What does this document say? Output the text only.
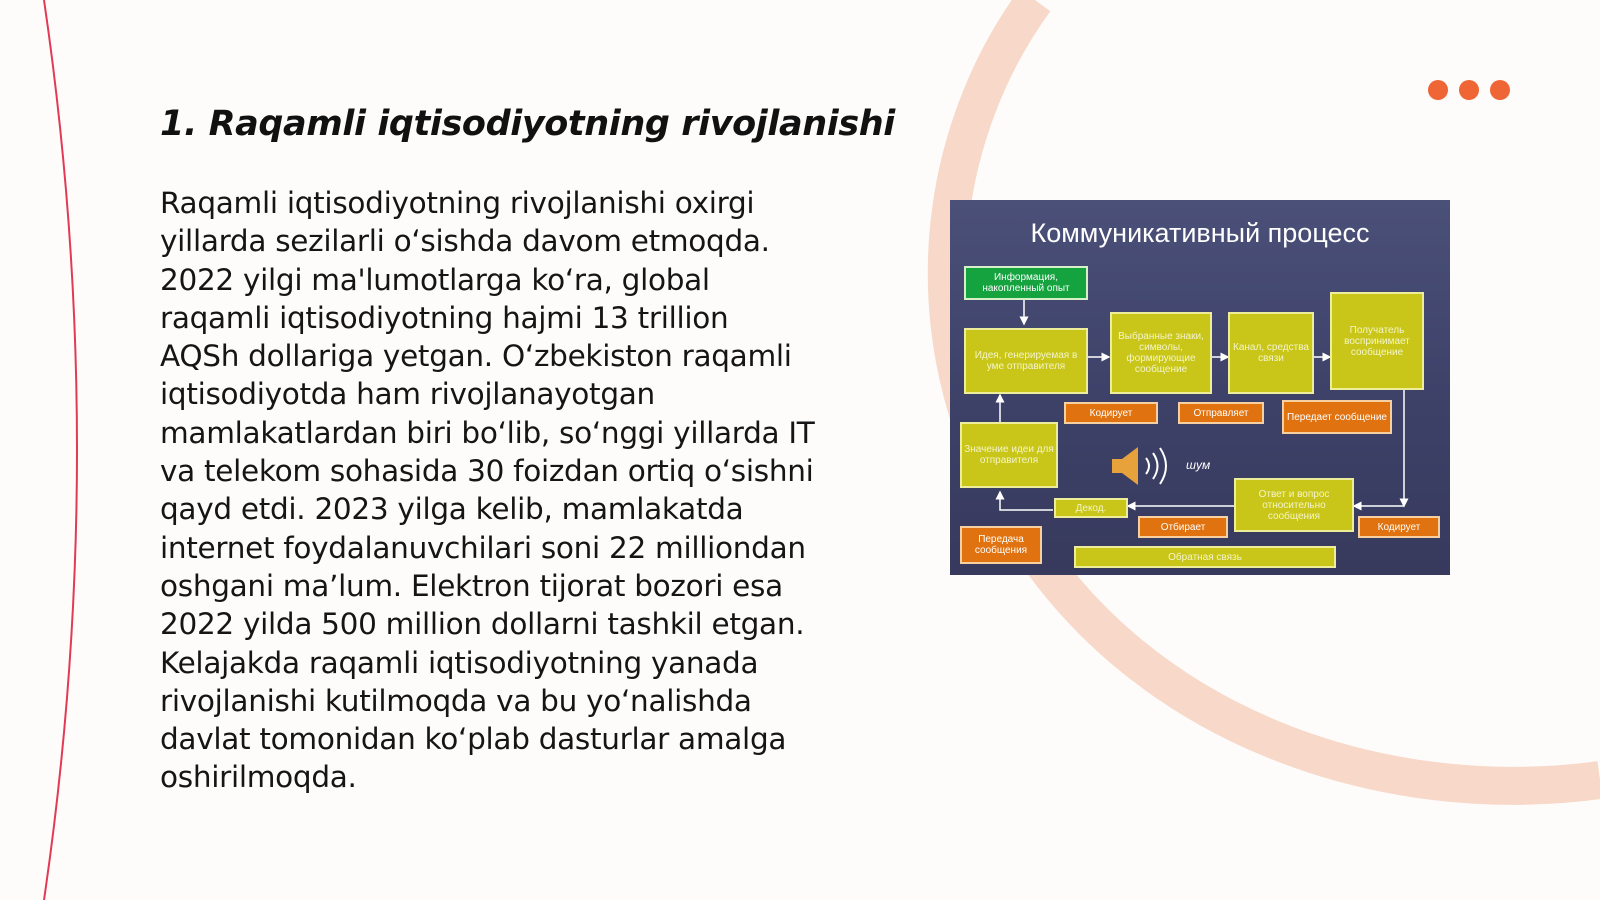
1. Raqamli iqtisodiyotning rivojlanishi

Raqamli iqtisodiyotning rivojlanishi oxirgi
yillarda sezilarli o‘sishda davom etmoqda.
2022 yilgi ma'lumotlarga ko‘ra, global
raqamli iqtisodiyotning hajmi 13 trillion
AQSh dollariga yetgan. O‘zbekiston raqamli
iqtisodiyotda ham rivojlanayotgan
mamlakatlardan biri bo‘lib, so‘nggi yillarda IT
va telekom sohasida 30 foizdan ortiq o‘sishni
qayd etdi. 2023 yilga kelib, mamlakatda
internet foydalanuvchilari soni 22 milliondan
oshgani ma’lum. Elektron tijorat bozori esa
2022 yilda 500 million dollarni tashkil etgan.
Kelajakda raqamli iqtisodiyotning yanada
rivojlanishi kutilmoqda va bu yo‘nalishda
davlat tomonidan ko‘plab dasturlar amalga
oshirilmoqda.

Коммуникативный процесс
Информация, накопленный опыт
Идея, генерируемая в уме отправителя
Выбранные знаки, символы, формирующие сообщение
Канал, средства связи
Получатель воспринимает сообщение
Кодирует	Отправляет	Передает сообщение
Значение идеи для отправителя
Декод.
Ответ и вопрос относительно сообщения
Отбирает	Кодирует
Передача сообщения
Обратная связь
шум
